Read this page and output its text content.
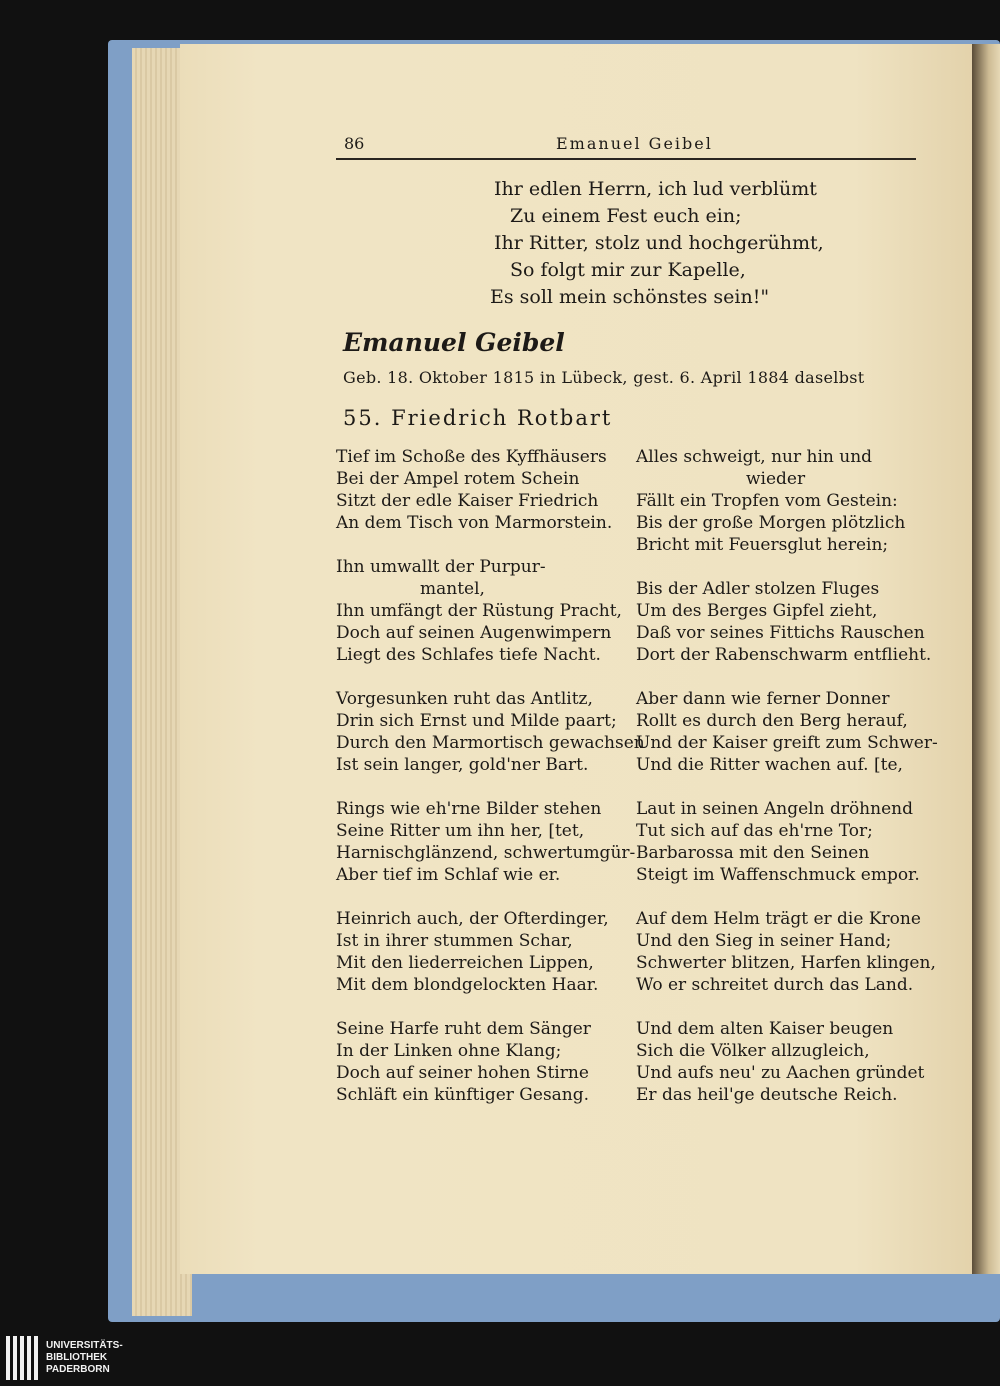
86	Emanuel Geibel
Ihr edlen Herrn, ich lud verblümt
Zu einem Fest euch ein;
Ihr Ritter, stolz und hochgerühmt,
So folgt mir zur Kapelle,
Es soll mein schönstes sein!"
Emanuel Geibel
Geb. 18. Oktober 1815 in Lübeck, gest. 6. April 1884 daselbst
55. Friedrich Rotbart
Tief im Schoße des Kyffhäusers
Bei der Ampel rotem Schein
Sitzt der edle Kaiser Friedrich
An dem Tisch von Marmorstein.
Ihn umwallt der Purpur-
mantel,
Ihn umfängt der Rüstung Pracht,
Doch auf seinen Augenwimpern
Liegt des Schlafes tiefe Nacht.
Vorgesunken ruht das Antlitz,
Drin sich Ernst und Milde paart;
Durch den Marmortisch gewachsen
Ist sein langer, gold'ner Bart.
Rings wie eh'rne Bilder stehen
Seine Ritter um ihn her, [tet,
Harnischglänzend, schwertumgür-
Aber tief im Schlaf wie er.
Heinrich auch, der Ofterdinger,
Ist in ihrer stummen Schar,
Mit den liederreichen Lippen,
Mit dem blondgelockten Haar.
Seine Harfe ruht dem Sänger
In der Linken ohne Klang;
Doch auf seiner hohen Stirne
Schläft ein künftiger Gesang.
Alles schweigt, nur hin und
wieder
Fällt ein Tropfen vom Gestein:
Bis der große Morgen plötzlich
Bricht mit Feuersglut herein;
Bis der Adler stolzen Fluges
Um des Berges Gipfel zieht,
Daß vor seines Fittichs Rauschen
Dort der Rabenschwarm entflieht.
Aber dann wie ferner Donner
Rollt es durch den Berg herauf,
Und der Kaiser greift zum Schwer-
Und die Ritter wachen auf. [te,
Laut in seinen Angeln dröhnend
Tut sich auf das eh'rne Tor;
Barbarossa mit den Seinen
Steigt im Waffenschmuck empor.
Auf dem Helm trägt er die Krone
Und den Sieg in seiner Hand;
Schwerter blitzen, Harfen klingen,
Wo er schreitet durch das Land.
Und dem alten Kaiser beugen
Sich die Völker allzugleich,
Und aufs neu' zu Aachen gründet
Er das heil'ge deutsche Reich.
UNIVERSITÄTS-
BIBLIOTHEK
PADERBORN
